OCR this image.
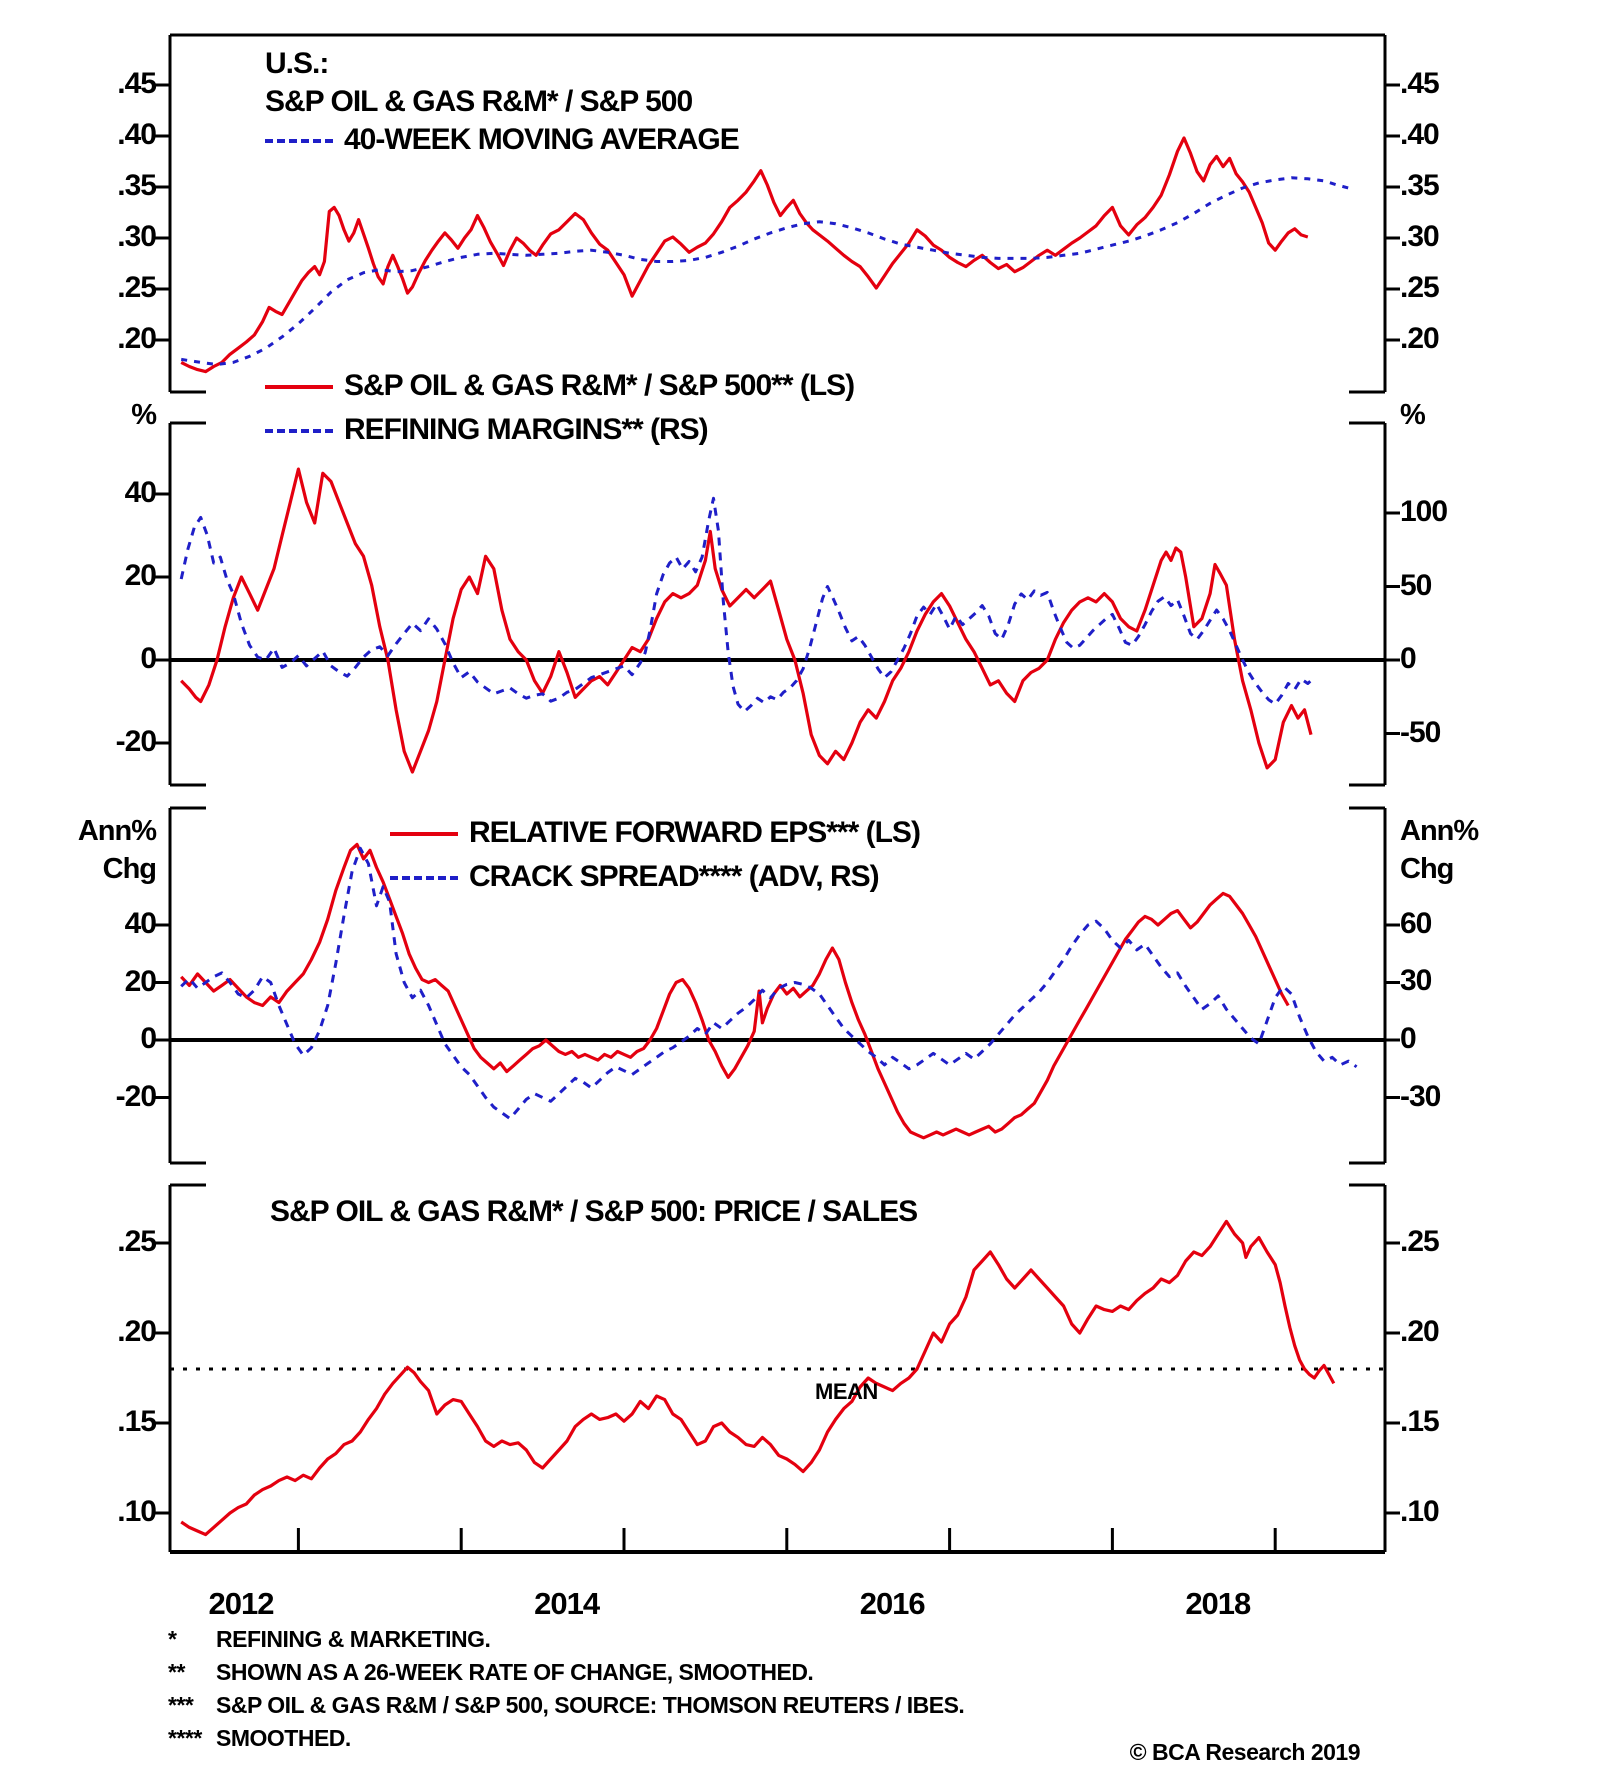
U.S.:
S&P OIL & GAS R&M* / S&P 500
40-WEEK MOVING AVERAGE
%	%
S&P OIL & GAS R&M* / S&P 500** (LS)
REFINING MARGINS** (RS)
Ann%
Chg
Ann%
Chg
RELATIVE FORWARD EPS*** (LS)
CRACK SPREAD**** (ADV, RS)
S&P OIL & GAS R&M* / S&P 500: PRICE / SALES
MEAN
* REFINING & MARKETING.
** SHOWN AS A 26-WEEK RATE OF CHANGE, SMOOTHED.
*** S&P OIL & GAS R&M / S&P 500, SOURCE: THOMSON REUTERS / IBES.
**** SMOOTHED.
© BCA Research 2019
.45
.40
.35
.30
.25
.20
.45
.40
.35
.30
.25
.20
40
20
0
-20
100
50
0
-50
40
20
0
-20
60
30
0
-30
2012	2014	2016	2018
.25
.20
.15
.10
.25
.20
.15
.10
